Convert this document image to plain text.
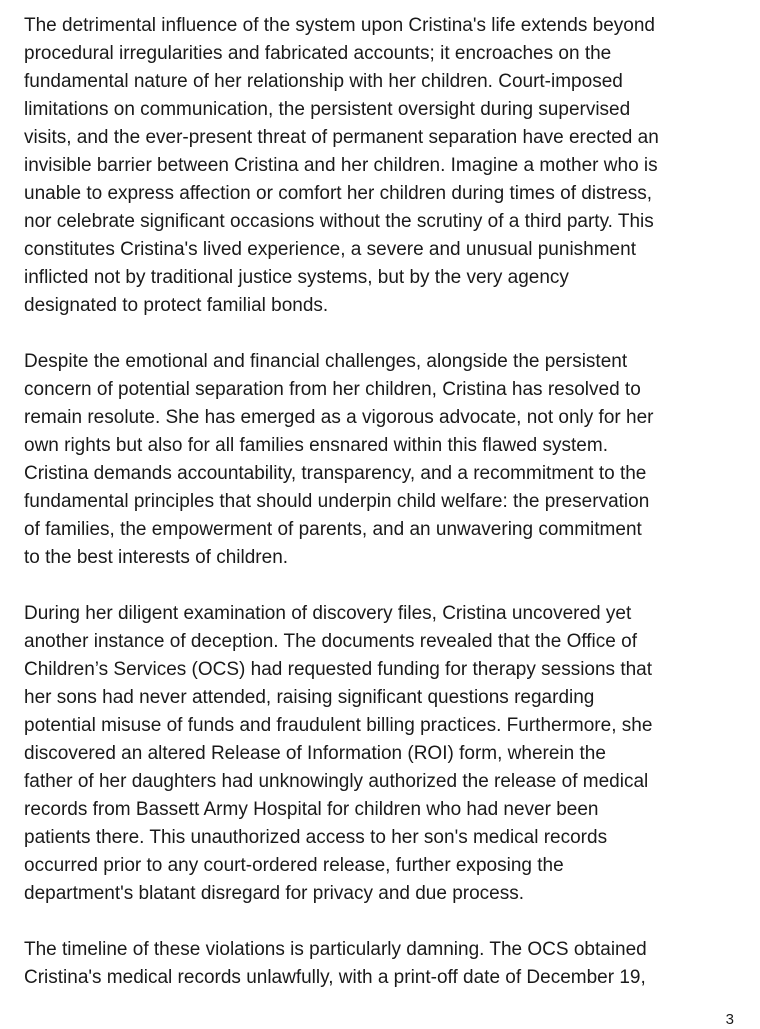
The detrimental influence of the system upon Cristina's life extends beyond
procedural irregularities and fabricated accounts; it encroaches on the
fundamental nature of her relationship with her children. Court-imposed
limitations on communication, the persistent oversight during supervised
visits, and the ever-present threat of permanent separation have erected an
invisible barrier between Cristina and her children. Imagine a mother who is
unable to express affection or comfort her children during times of distress,
nor celebrate significant occasions without the scrutiny of a third party. This
constitutes Cristina's lived experience, a severe and unusual punishment
inflicted not by traditional justice systems, but by the very agency
designated to protect familial bonds.

Despite the emotional and financial challenges, alongside the persistent
concern of potential separation from her children, Cristina has resolved to
remain resolute. She has emerged as a vigorous advocate, not only for her
own rights but also for all families ensnared within this flawed system.
Cristina demands accountability, transparency, and a recommitment to the
fundamental principles that should underpin child welfare: the preservation
of families, the empowerment of parents, and an unwavering commitment
to the best interests of children.

During her diligent examination of discovery files, Cristina uncovered yet
another instance of deception. The documents revealed that the Office of
Children’s Services (OCS) had requested funding for therapy sessions that
her sons had never attended, raising significant questions regarding
potential misuse of funds and fraudulent billing practices. Furthermore, she
discovered an altered Release of Information (ROI) form, wherein the
father of her daughters had unknowingly authorized the release of medical
records from Bassett Army Hospital for children who had never been
patients there. This unauthorized access to her son's medical records
occurred prior to any court-ordered release, further exposing the
department's blatant disregard for privacy and due process.

The timeline of these violations is particularly damning. The OCS obtained
Cristina's medical records unlawfully, with a print-off date of December 19,

3
